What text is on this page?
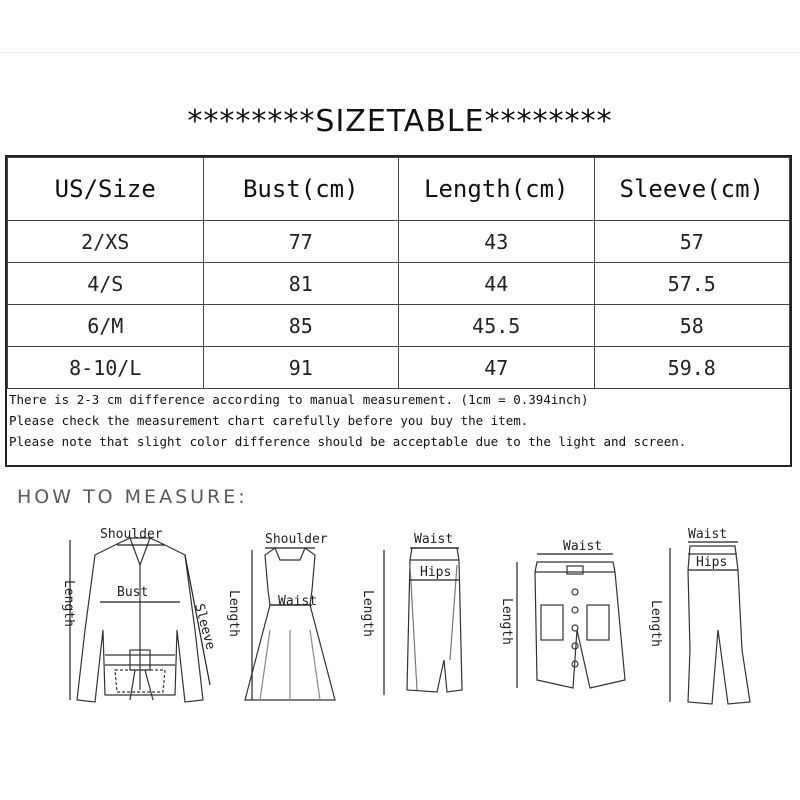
********SIZETABLE********
US/Size	Bust(cm)	Length(cm)	Sleeve(cm)
2/XS	77	43	57
4/S	81	44	57.5
6/M	85	45.5	58
8-10/L	91	47	59.8
There is 2-3 cm difference according to manual measurement. (1cm = 0.394inch)
Please check the measurement chart carefully before you buy the item.
Please note that slight color difference should be acceptable due to the light and screen.
HOW TO MEASURE:
Shoulder
Bust
Length	Sleeve
Shoulder
Waist
Length
Waist
Hips
Length
Waist
Length
Waist
Hips
Length
